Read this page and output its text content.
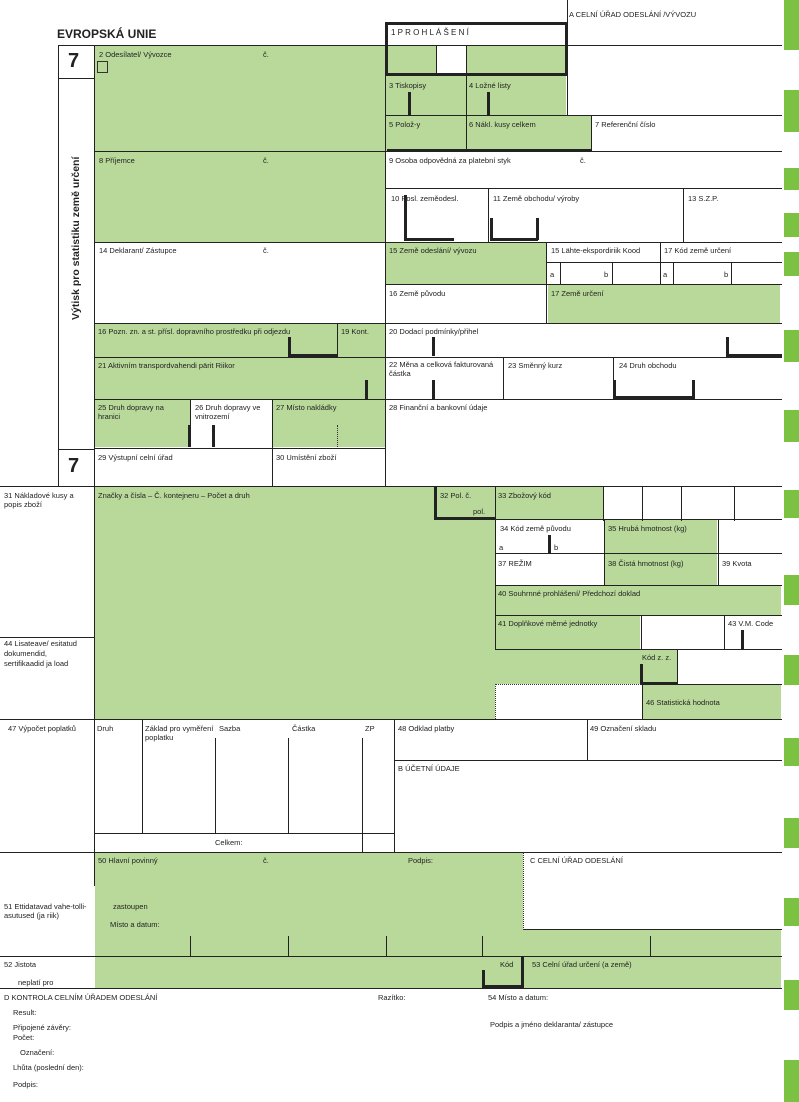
A CELNÍ ÚŘAD ODESLÁNÍ /VÝVOZU
EVROPSKÁ UNIE	1 P R O H L Á Š E N Í
7
7
Výtisk pro statistiku země určení
2 Odesílatel/ Vývozce	č.
3 Tiskopisy	4 Ložné listy
5 Polož-y	6 Nákl. kusy celkem	7 Referenční číslo
8 Příjemce	č.	9 Osoba odpovědná za platební styk	č.
10 Posl. zeměodesl.	11 Země obchodu/ výroby	13 S.Z.P.
14 Deklarant/ Zástupce	č.	15 Země odeslání/ vývozu	15 Lähte-ekspordiriik Kood	17 Kód země určení
a	b	a	b
16 Země původu	17 Země určení
16 Pozn. zn. a st. přísl. dopravního prostředku při odjezdu	19 Kont.	20 Dodací podmínky/přihel
21 Aktivním transpordvahendi pärit Riikor	22 Měna a celková fakturovaná částka
23 Směnný kurz	24 Druh obchodu
25 Druh dopravy na hranici
26 Druh dopravy ve vnitrozemí
27 Místo nakládky	28 Finanční a bankovní údaje
29 Výstupní celní úřad	30 Umístění zboží
31 Nákladové kusy a popis zboží
Značky a čísla – Č. kontejneru – Počet a druh	32 Pol. č.
pol.
33 Zbožový kód
34 Kód země původu
a	b
35 Hrubá hmotnost (kg)
37 REŽIM	38 Čistá hmotnost (kg)	39 Kvota
40 Souhrnné prohlášení/ Předchozí doklad
41 Doplňkové měrné jednotky	43 V.M. Code
44 Lisateave/ esitatud dokumendid, sertifikaadid ja load
Kód z. z.
46 Statistická hodnota
47 Výpočet poplatků	Druh	Základ pro vyměření poplatku
Sazba	Částka	ZP
Celkem:
48 Odklad platby	49 Označení skladu
B ÚČETNÍ ÚDAJE
50 Hlavní povinný	č.	Podpis:	C CELNÍ ÚŘAD ODESLÁNÍ
zastoupen
Místo a datum:
51 Ettidatavad vahe-tolli-asutused (ja riik)
52 Jistota
neplatí pro
Kód 53 Celní úřad určení (a země)
D KONTROLA CELNÍM ÚŘADEM ODESLÁNÍ	Razítko:	54 Místo a datum:
Podpis a jméno deklaranta/ zástupce
Result:
Připojené závěry:
Počet:
Označení:
Lhůta (poslední den):
Podpis:
